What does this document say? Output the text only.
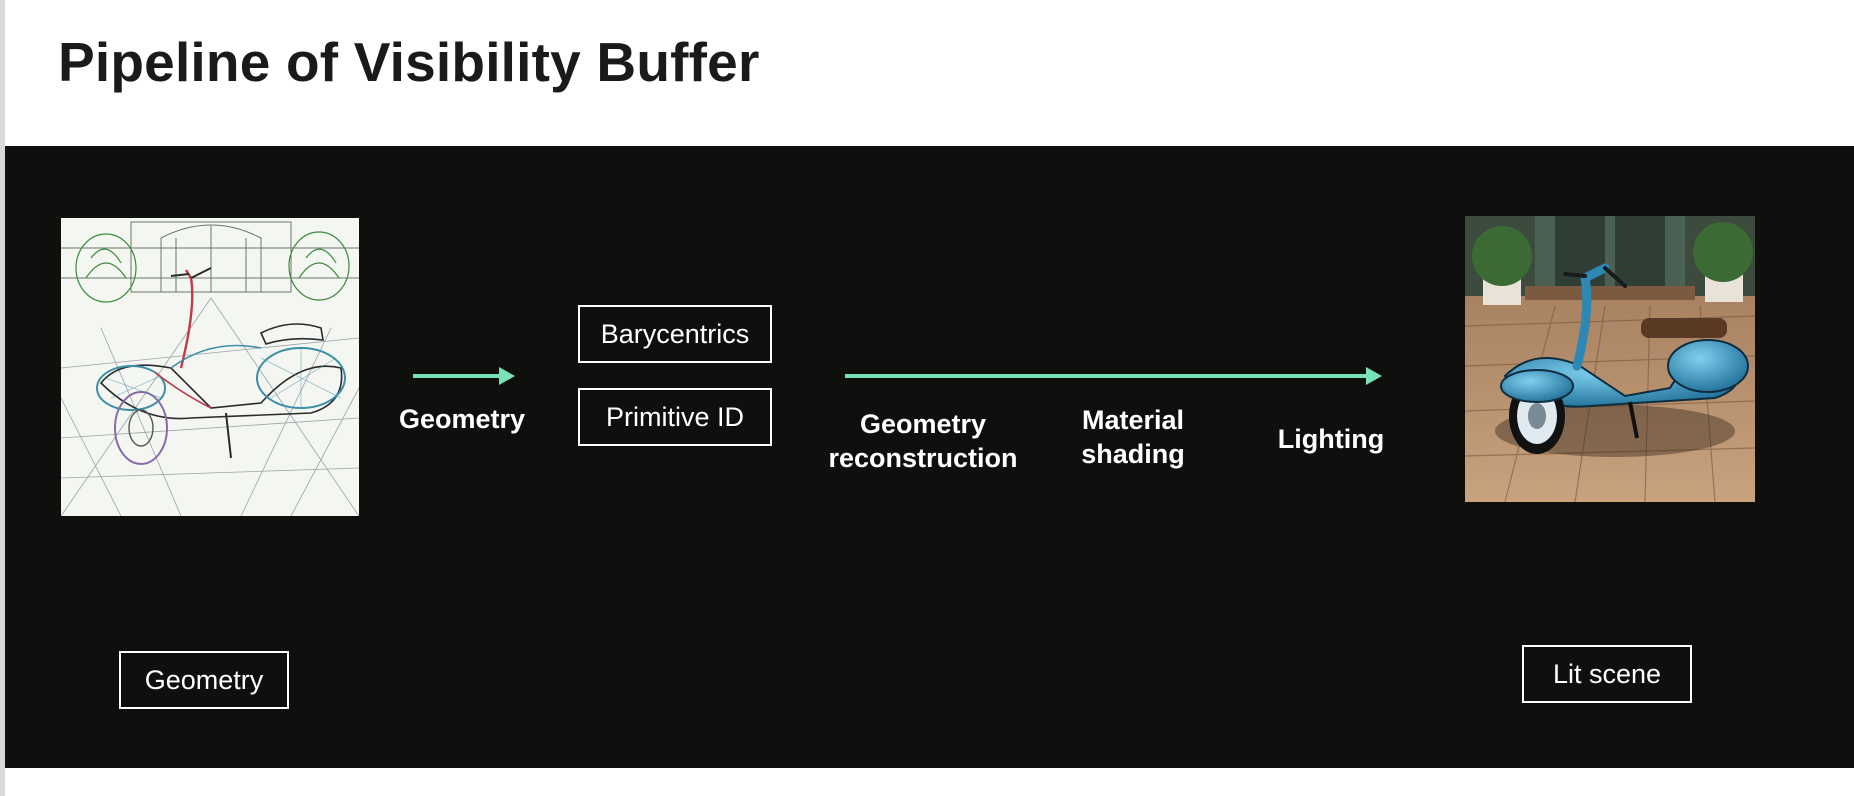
Pipeline of Visibility Buffer
Geometry
Barycentrics
Primitive ID	Geometry reconstruction
Material shading	Lighting
Geometry	Lit scene
